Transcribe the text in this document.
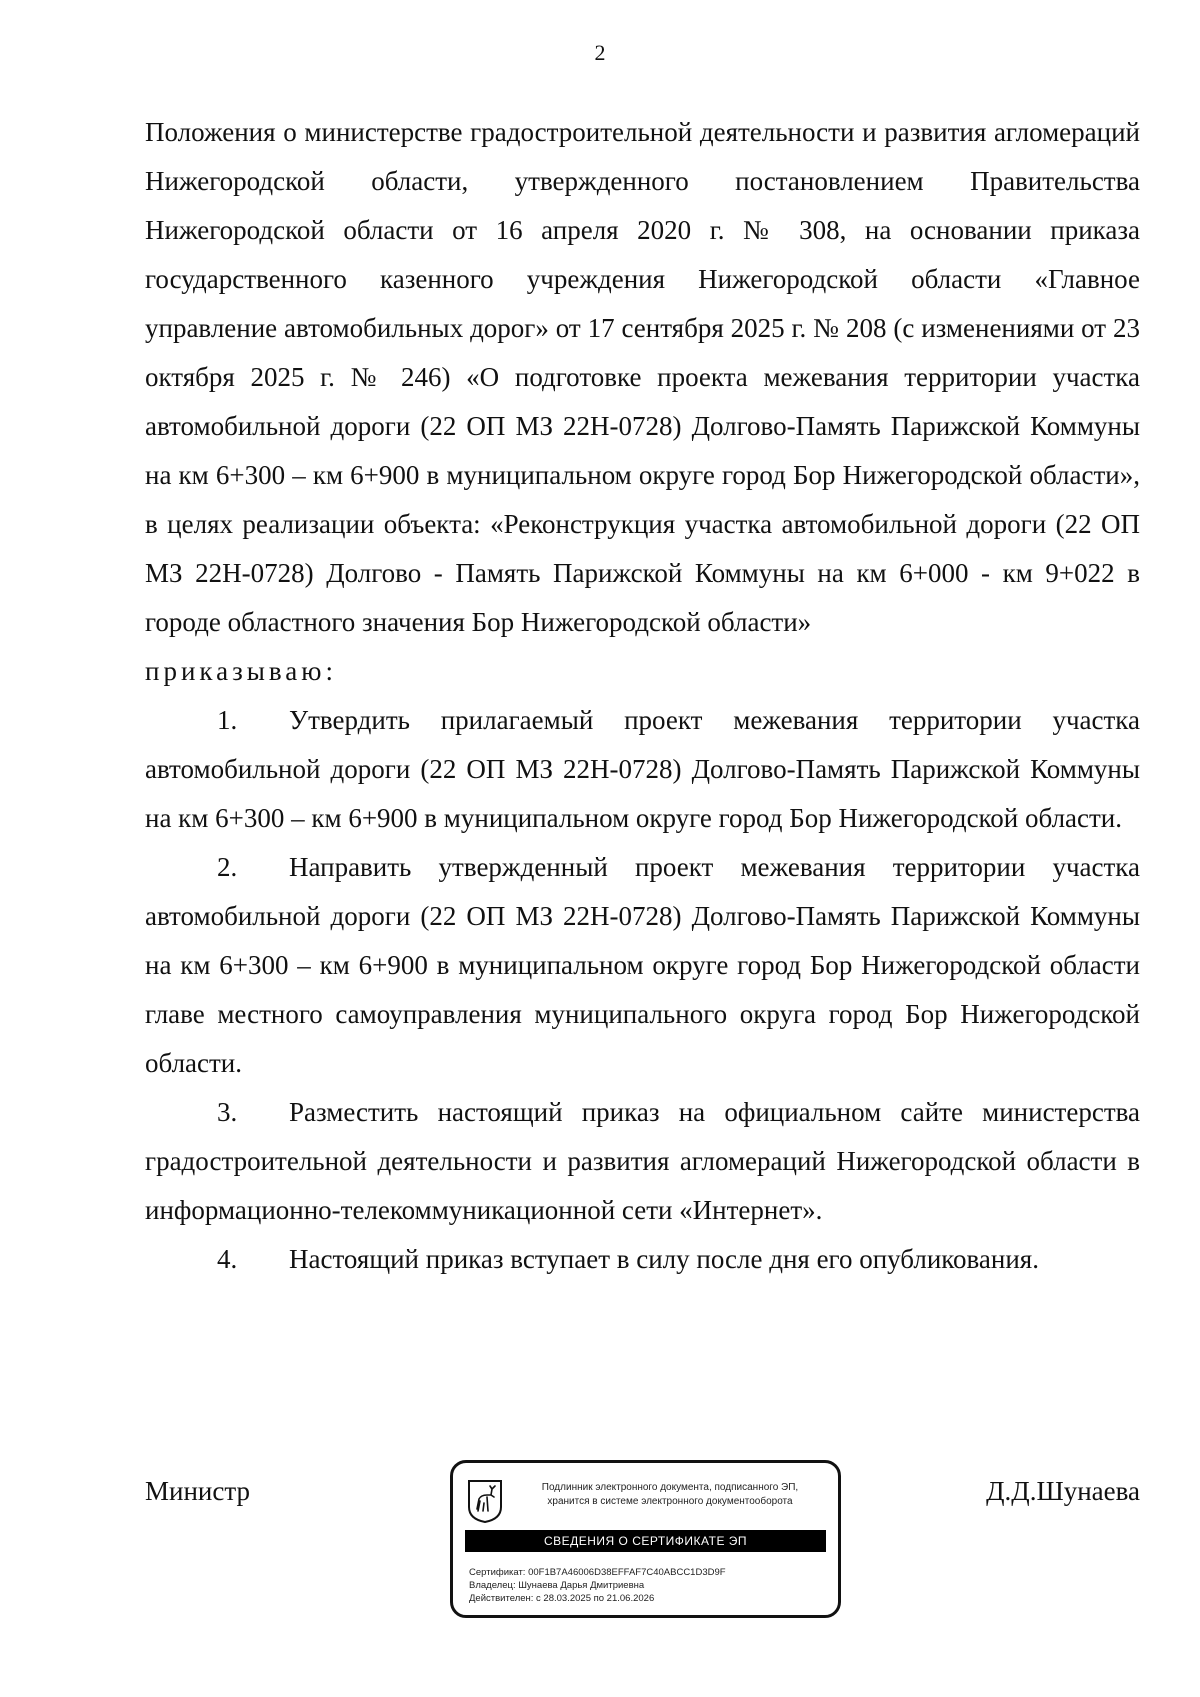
2

Положения о министерстве градостроительной деятельности и развития агломераций Нижегородской области, утвержденного постановлением Правительства Нижегородской области от 16 апреля 2020 г. № 308, на основании приказа государственного казенного учреждения Нижегородской области «Главное управление автомобильных дорог» от 17 сентября 2025 г. № 208 (с изменениями от 23 октября 2025 г. № 246) «О подготовке проекта межевания территории участка автомобильной дороги (22 ОП МЗ 22Н-0728) Долгово-Память Парижской Коммуны на км 6+300 – км 6+900 в муниципальном округе город Бор Нижегородской области», в целях реализации объекта: «Реконструкция участка автомобильной дороги (22 ОП МЗ 22Н-0728) Долгово - Память Парижской Коммуны на км 6+000 - км 9+022 в городе областного значения Бор Нижегородской области»

приказываю:

1. Утвердить прилагаемый проект межевания территории участка автомобильной дороги (22 ОП МЗ 22Н-0728) Долгово-Память Парижской Коммуны на км 6+300 – км 6+900 в муниципальном округе город Бор Нижегородской области.

2. Направить утвержденный проект межевания территории участка автомобильной дороги (22 ОП МЗ 22Н-0728) Долгово-Память Парижской Коммуны на км 6+300 – км 6+900 в муниципальном округе город Бор Нижегородской области главе местного самоуправления муниципального округа город Бор Нижегородской области.

3. Разместить настоящий приказ на официальном сайте министерства градостроительной деятельности и развития агломераций Нижегородской области в информационно-телекоммуникационной сети «Интернет».

4. Настоящий приказ вступает в силу после дня его опубликования.

Министр	Подлинник электронного документа, подписанного ЭП,
хранится в системе электронного документооборота
СВЕДЕНИЯ О СЕРТИФИКАТЕ ЭП
Сертификат: 00F1B7A46006D38EFFAF7C40ABCC1D3D9F
Владелец: Шунаева Дарья Дмитриевна
Действителен: с 28.03.2025 по 21.06.2026
Д.Д.Шунаева
